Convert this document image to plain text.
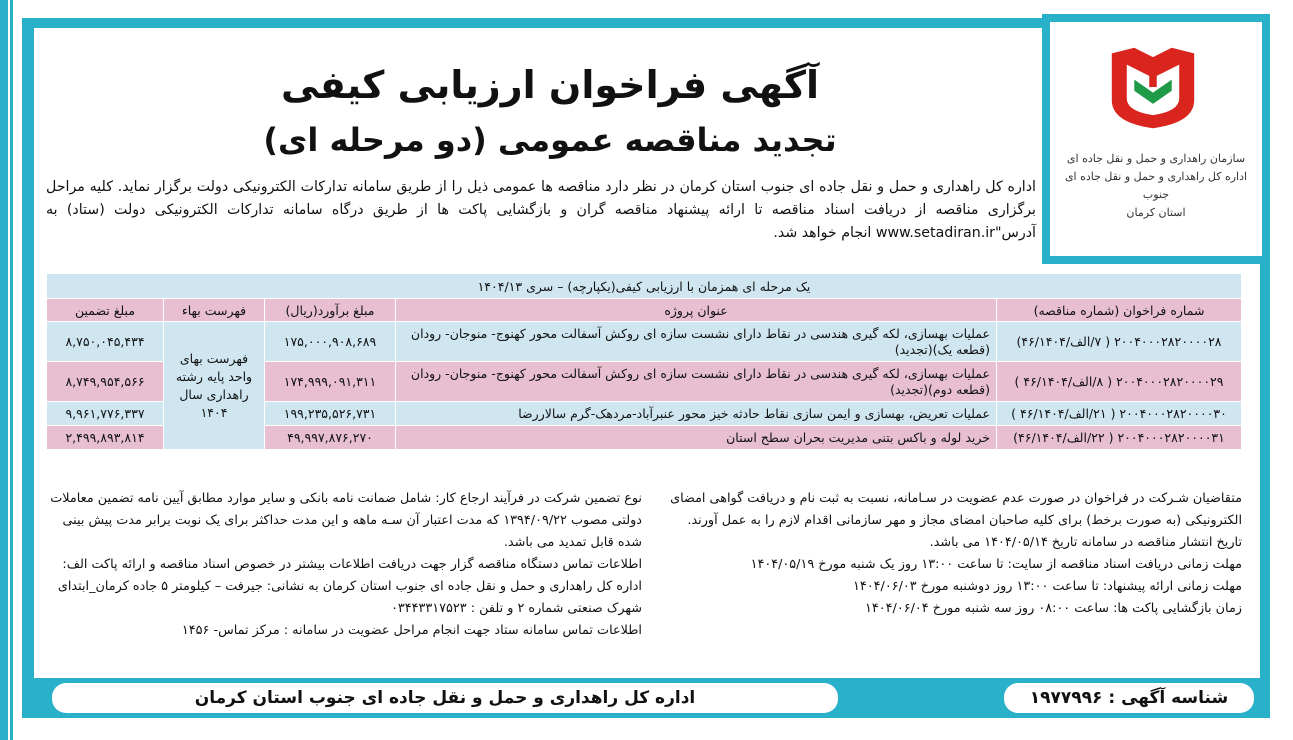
سازمان راهداری و حمل و نقل جاده ای
اداره کل راهداری و حمل و نقل جاده ای جنوب
استان کرمان
آگهی فراخوان ارزیابی کیفی
تجدید مناقصه عمومی (دو مرحله ای)
اداره کل راهداری و حمل و نقل جاده ای جنوب استان کرمان در نظر دارد مناقصه ها عمومی ذیل را از طریق سامانه تدارکات الکترونیکی دولت برگزار نماید. کلیه مراحل برگزاری مناقصه از دریافت اسناد مناقصه تا ارائه پیشنهاد مناقصه گران و بازگشایی پاکت ها از طریق درگاه سامانه تدارکات الکترونیکی دولت (ستاد) به آدرس"www.setadiran.ir انجام خواهد شد.
یک مرحله ای همزمان با ارزیابی کیفی(یکپارچه) – سری ۱۴۰۴/۱۳				
شماره فراخوان (شماره مناقصه)	عنوان پروژه	مبلغ برآورد(ریال)	فهرست بهاء	مبلغ تضمین
۲۰۰۴۰۰۰۲۸۲۰۰۰۰۲۸ ( ۷/الف/۴۶/۱۴۰۴)	عملیات بهسازی، لکه گیری هندسی در نقاط دارای نشست سازه ای روکش آسفالت محور کهنوج- منوجان- رودان (قطعه یک)(تجدید)	۱۷۵,۰۰۰,۹۰۸,۶۸۹	فهرست بهای واحد پایه رشته راهداری سال ۱۴۰۴	۸,۷۵۰,۰۴۵,۴۳۴
۲۰۰۴۰۰۰۲۸۲۰۰۰۰۲۹ ( ۸/الف/۴۶/۱۴۰۴ )	عملیات بهسازی، لکه گیری هندسی در نقاط دارای نشست سازه ای روکش آسفالت محور کهنوج- منوجان- رودان (قطعه دوم)(تجدید)	۱۷۴,۹۹۹,۰۹۱,۳۱۱		۸,۷۴۹,۹۵۴,۵۶۶
۲۰۰۴۰۰۰۲۸۲۰۰۰۰۳۰ ( ۲۱/الف/۴۶/۱۴۰۴ )	عملیات تعریض، بهسازی و ایمن سازی نقاط حادثه خیز محور عنبرآباد-مردهک-گرم سالاررضا	۱۹۹,۲۳۵,۵۲۶,۷۳۱		۹,۹۶۱,۷۷۶,۳۳۷
۲۰۰۴۰۰۰۲۸۲۰۰۰۰۳۱ ( ۲۲/الف/۴۶/۱۴۰۴)	خرید لوله و باکس بتنی مدیریت بحران سطح استان	۴۹,۹۹۷,۸۷۶,۲۷۰		۲,۴۹۹,۸۹۳,۸۱۴

متقاضیان شـرکت در فراخوان در صورت عدم عضویت در سـامانه، نسبت به ثبت نام و دریافت گواهی امضای الکترونیکی (به صورت برخط) برای کلیه صاحبان امضای مجاز و مهر سازمانی اقدام لازم را به عمل آورند.

تاریخ انتشار مناقصه در سامانه تاریخ ۱۴۰۴/۰۵/۱۴ می باشد.

مهلت زمانی دریافت اسناد مناقصه از سایت: تا ساعت ۱۳:۰۰ روز یک شنبه مورخ ۱۴۰۴/۰۵/۱۹

مهلت زمانی ارائه پیشنهاد: تا ساعت ۱۳:۰۰ روز دوشنبه مورخ ۱۴۰۴/۰۶/۰۳

زمان بازگشایی پاکت ها: ساعت ۰۸:۰۰ روز سه شنبه مورخ ۱۴۰۴/۰۶/۰۴

نوع تضمین شرکت در فرآیند ارجاع کار: شامل ضمانت نامه بانکی و سایر موارد مطابق آیین نامه تضمین معاملات دولتی مصوب ۱۳۹۴/۰۹/۲۲ که مدت اعتبار آن سـه ماهه و این مدت حداکثر برای یک نوبت برابر مدت پیش بینی شده قابل تمدید می باشد.

اطلاعات تماس دستگاه مناقصه گزار جهت دریافت اطلاعات بیشتر در خصوص اسناد مناقصه و ارائه پاکت الف: اداره کل راهداری و حمل و نقل جاده ای جنوب استان کرمان به نشانی: جیرفت – کیلومتر ۵ جاده کرمان_ابتدای شهرک صنعتی شماره ۲ و تلفن : ۰۳۴۴۳۳۱۷۵۲۳

اطلاعات تماس سامانه ستاد جهت انجام مراحل عضویت در سامانه : مرکز تماس- ۱۴۵۶

اداره کل راهداری و حمل و نقل جاده ای جنوب استان کرمان	شناسه آگهی : ۱۹۷۷۹۹۶
